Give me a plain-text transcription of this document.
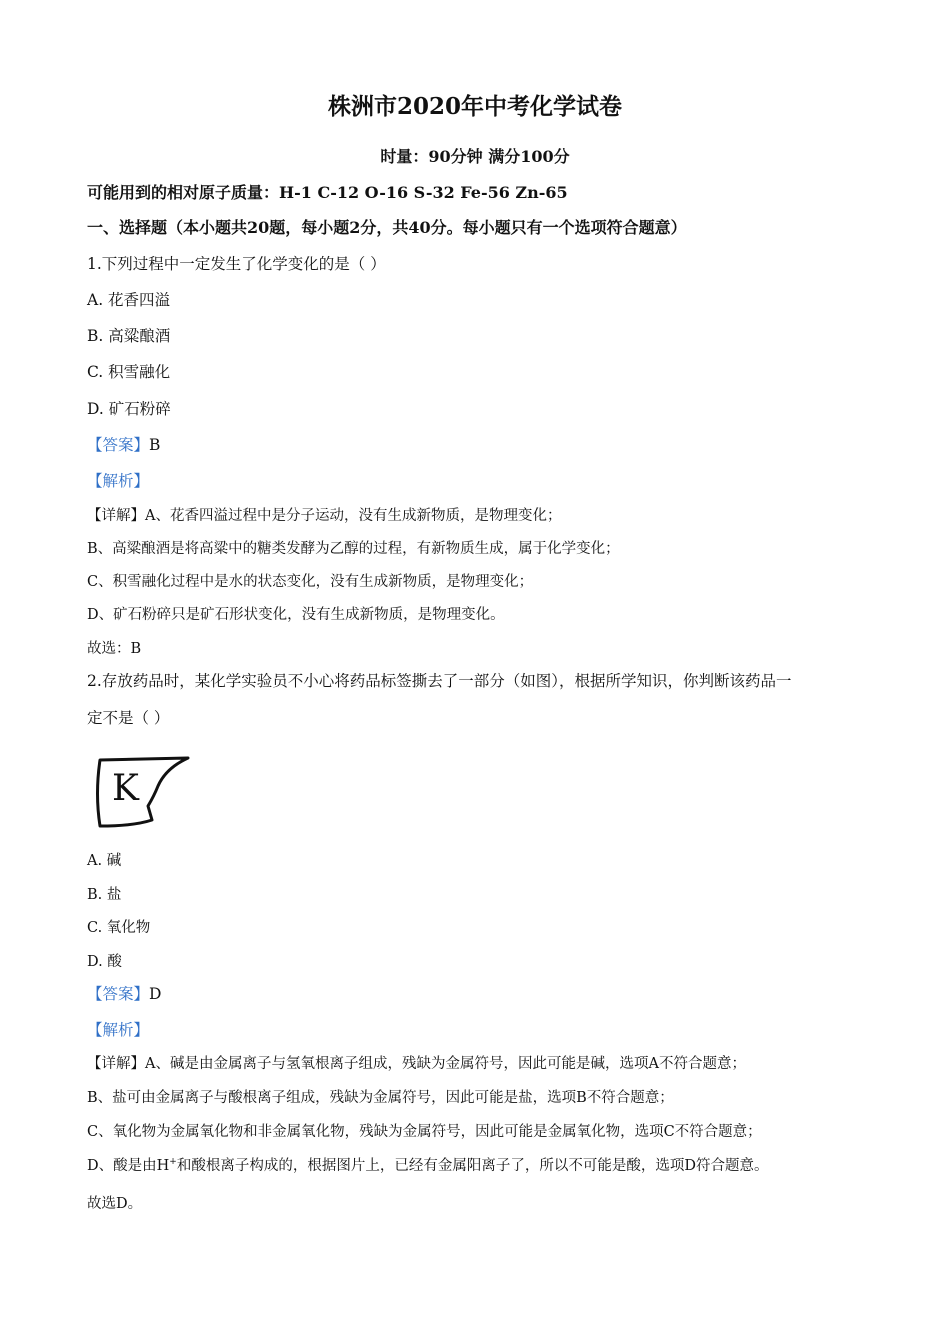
株洲市2020年中考化学试卷
时量：90分钟 满分100分
可能用到的相对原子质量：H-1 C-12 O-16 S-32 Fe-56 Zn-65
一、选择题（本小题共20题，每小题2分，共40分。每小题只有一个选项符合题意）
1.下列过程中一定发生了化学变化的是（ ）
A. 花香四溢
B. 高粱酿酒
C. 积雪融化
D. 矿石粉碎
【答案】B
【解析】
【详解】A、花香四溢过程中是分子运动，没有生成新物质，是物理变化；
B、高粱酿酒是将高粱中的糖类发酵为乙醇的过程，有新物质生成，属于化学变化；
C、积雪融化过程中是水的状态变化，没有生成新物质，是物理变化；
D、矿石粉碎只是矿石形状变化，没有生成新物质，是物理变化。
故选：B
2.存放药品时，某化学实验员不小心将药品标签撕去了一部分（如图），根据所学知识，你判断该药品一
定不是（ ）
K
A. 碱
B. 盐
C. 氧化物
D. 酸
【答案】D
【解析】
【详解】A、碱是由金属离子与氢氧根离子组成，残缺为金属符号，因此可能是碱，选项A不符合题意；
B、盐可由金属离子与酸根离子组成，残缺为金属符号，因此可能是盐，选项B不符合题意；
C、氧化物为金属氧化物和非金属氧化物，残缺为金属符号，因此可能是金属氧化物，选项C不符合题意；
D、酸是由H+和酸根离子构成的，根据图片上，已经有金属阳离子了，所以不可能是酸，选项D符合题意。
故选D。
